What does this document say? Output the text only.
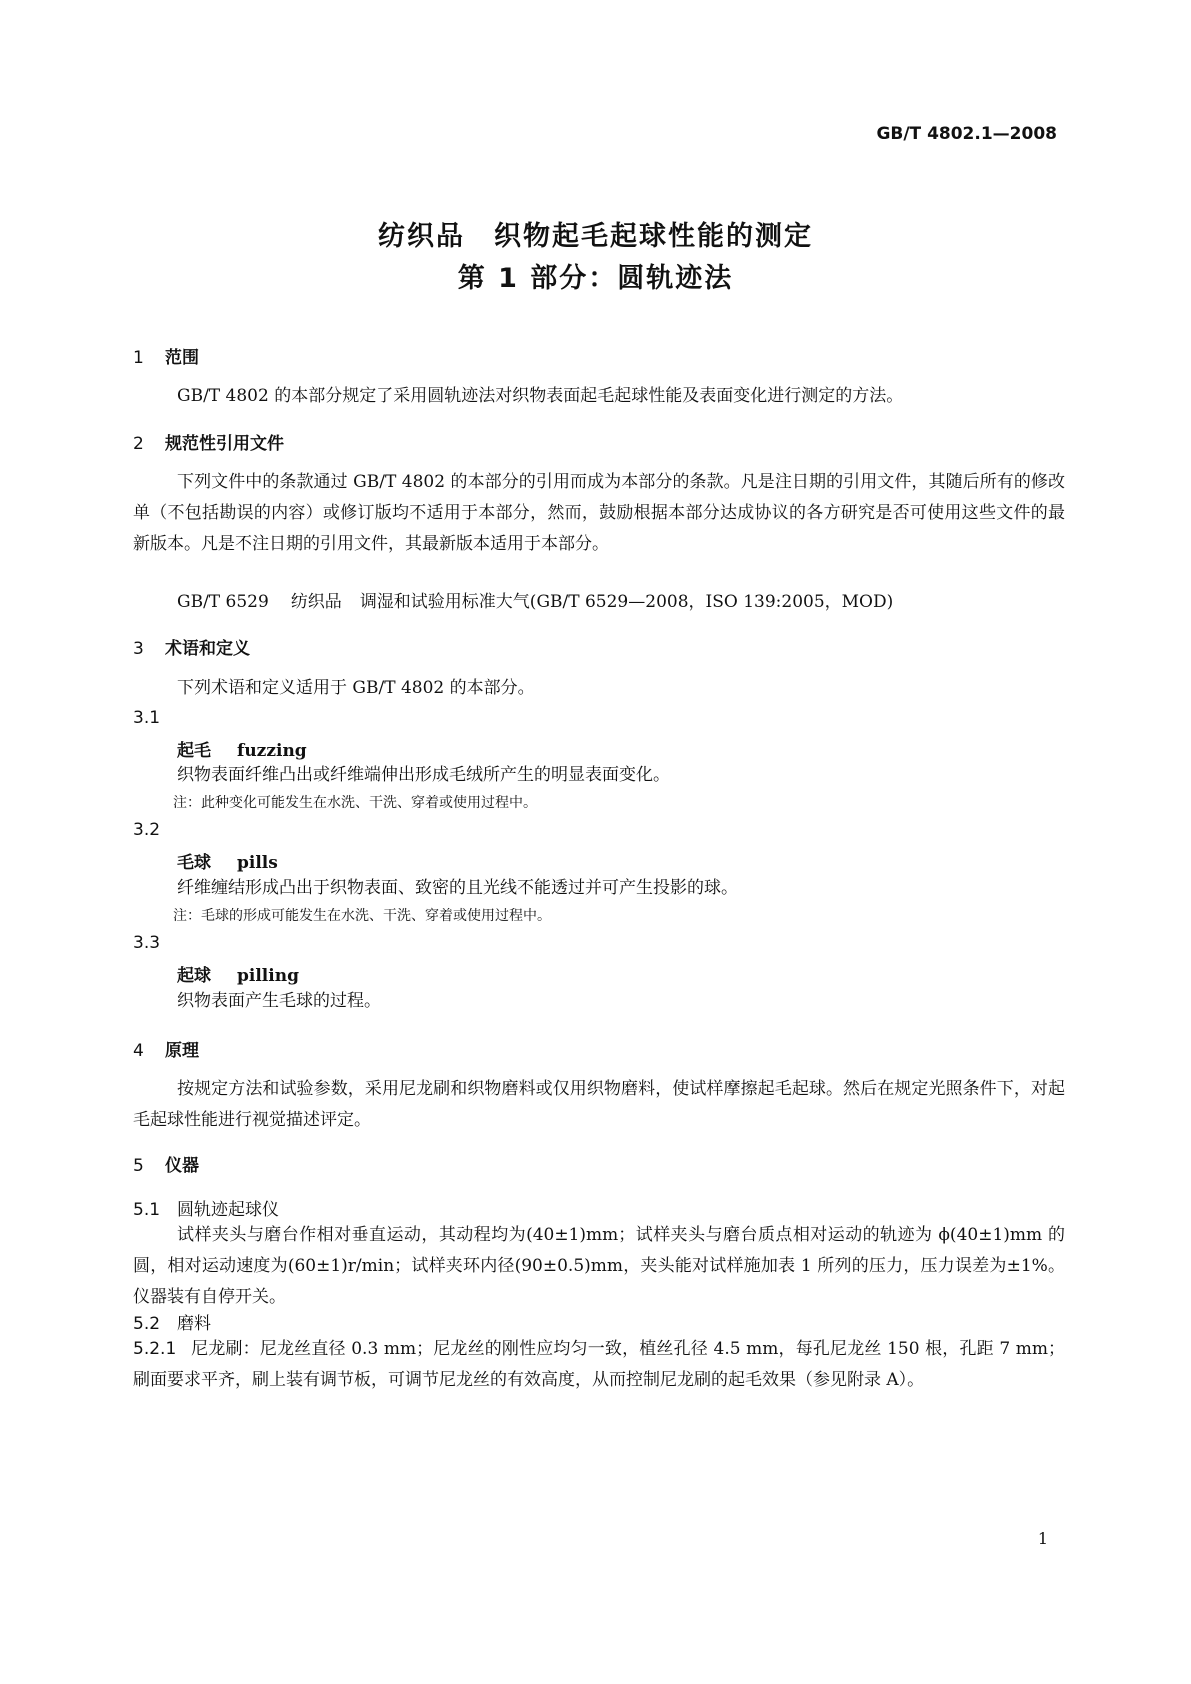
GB/T 4802.1—2008
纺织品　织物起毛起球性能的测定
第 1 部分：圆轨迹法
1 范围
GB/T 4802 的本部分规定了采用圆轨迹法对织物表面起毛起球性能及表面变化进行测定的方法。
2 规范性引用文件
下列文件中的条款通过 GB/T 4802 的本部分的引用而成为本部分的条款。凡是注日期的引用文件，其随后所有的修改单（不包括勘误的内容）或修订版均不适用于本部分，然而，鼓励根据本部分达成协议的各方研究是否可使用这些文件的最新版本。凡是不注日期的引用文件，其最新版本适用于本部分。
GB/T 6529 纺织品 调湿和试验用标准大气(GB/T 6529—2008，ISO 139:2005，MOD)
3 术语和定义
下列术语和定义适用于 GB/T 4802 的本部分。
3.1
起毛 fuzzing
织物表面纤维凸出或纤维端伸出形成毛绒所产生的明显表面变化。
注：此种变化可能发生在水洗、干洗、穿着或使用过程中。
3.2
毛球 pills
纤维缠结形成凸出于织物表面、致密的且光线不能透过并可产生投影的球。
注：毛球的形成可能发生在水洗、干洗、穿着或使用过程中。
3.3
起球 pilling
织物表面产生毛球的过程。
4 原理
按规定方法和试验参数，采用尼龙刷和织物磨料或仅用织物磨料，使试样摩擦起毛起球。然后在规定光照条件下，对起毛起球性能进行视觉描述评定。
5 仪器
5.1 圆轨迹起球仪
试样夹头与磨台作相对垂直运动，其动程均为(40±1)mm；试样夹头与磨台质点相对运动的轨迹为 ϕ(40±1)mm 的圆，相对运动速度为(60±1)r/min；试样夹环内径(90±0.5)mm，夹头能对试样施加表 1 所列的压力，压力误差为±1%。仪器装有自停开关。
5.2 磨料
5.2.1 尼龙刷：尼龙丝直径 0.3 mm；尼龙丝的刚性应均匀一致，植丝孔径 4.5 mm，每孔尼龙丝 150 根，孔距 7 mm；刷面要求平齐，刷上装有调节板，可调节尼龙丝的有效高度，从而控制尼龙刷的起毛效果（参见附录 A）。
1
